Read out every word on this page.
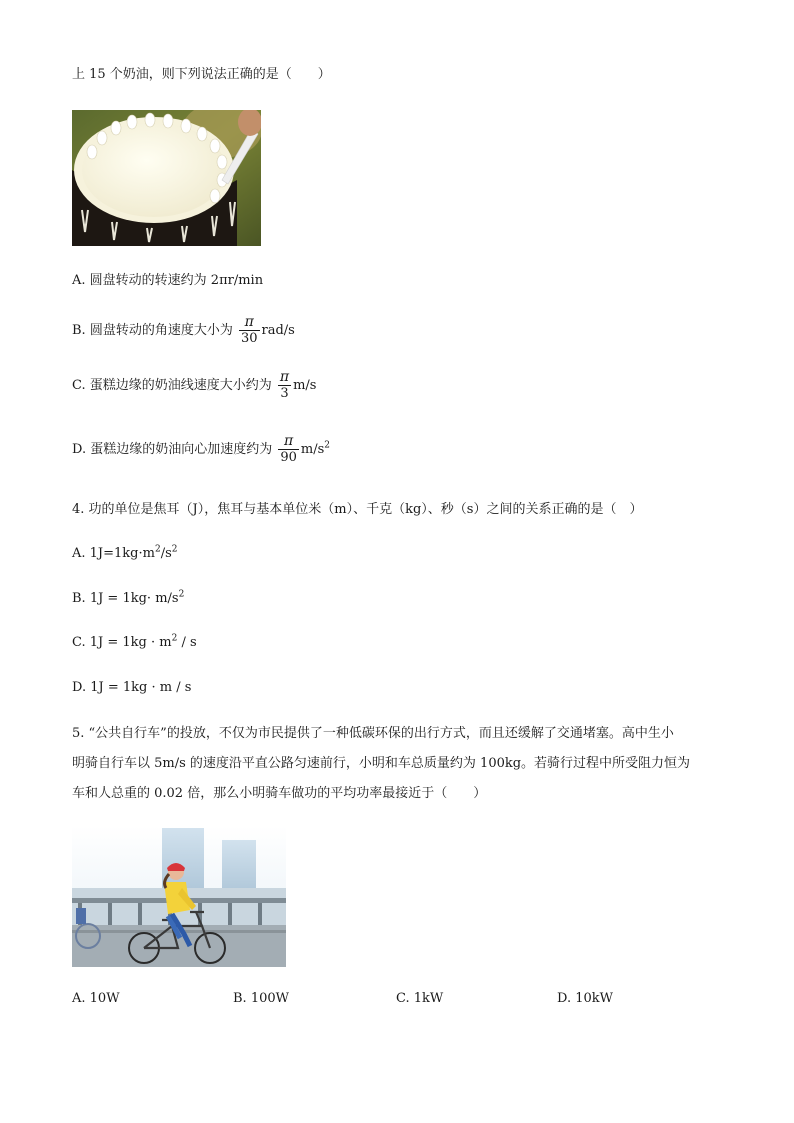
上 15 个奶油，则下列说法正确的是（　　）
A. 圆盘转动的转速约为 2πr/min
B. 圆盘转动的角速度大小为 $\frac{\pi}{30} rad/s$
C. 蛋糕边缘的奶油线速度大小约为 $\frac{\pi}{3} m/s$
D. 蛋糕边缘的奶油向心加速度约为 $\frac{\pi}{90} m/s^2$
4. 功的单位是焦耳（J），焦耳与基本单位米（m）、千克（kg）、秒（s）之间的关系正确的是（　）
A. $1J=1kg\cdot m^2/s^2$
B. $1J = 1kg\cdot m/s^2$
C. $1J = 1kg \cdot m^2 / s$
D. 1J = 1kg · m / s
5. “公共自行车”的投放，不仅为市民提供了一种低碳环保的出行方式，而且还缓解了交通堵塞。高中生小
明骑自行车以 5m/s 的速度沿平直公路匀速前行，小明和车总质量约为 100kg。若骑行过程中所受阻力恒为
车和人总重的 0.02 倍，那么小明骑车做功的平均功率最接近于（　　）
A. 10W	B. 100W	C. 1kW	D. 10kW
